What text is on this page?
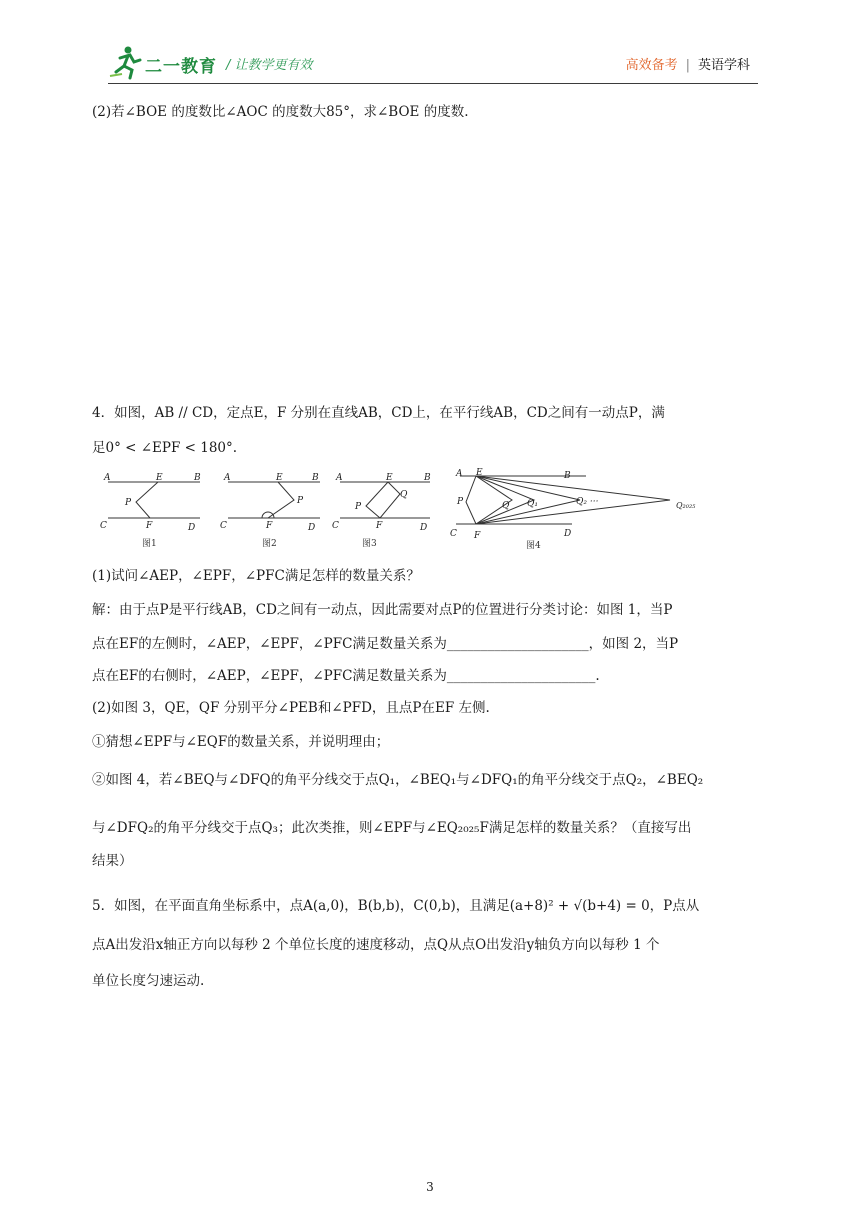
二一教育 / 让教学更有效	高效备考 | 英语学科
(2)若∠BOE 的度数比∠AOC 的度数大85°，求∠BOE 的度数.
4．如图，AB // CD，定点E，F 分别在直线AB，CD上，在平行线AB，CD之间有一动点P，满
足0° < ∠EPF < 180°.
A	E	B
P
C	F	D
图1
A	E	B
P
C	F	D
图2
A	E	B
P
Q
C	F	D
图3
A E	B
P	Q Q₁	Q₂ ···	Q₂₀₂₅
C F	D
图4
(1)试问∠AEP，∠EPF，∠PFC满足怎样的数量关系？
解：由于点P是平行线AB，CD之间有一动点，因此需要对点P的位置进行分类讨论：如图 1，当P
点在EF的左侧时，∠AEP，∠EPF，∠PFC满足数量关系为_____________________，如图 2，当P
点在EF的右侧时，∠AEP，∠EPF，∠PFC满足数量关系为______________________.
(2)如图 3，QE，QF 分别平分∠PEB和∠PFD，且点P在EF 左侧.
①猜想∠EPF与∠EQF的数量关系，并说明理由；
②如图 4，若∠BEQ与∠DFQ的角平分线交于点Q₁，∠BEQ₁与∠DFQ₁的角平分线交于点Q₂，∠BEQ₂
与∠DFQ₂的角平分线交于点Q₃；此次类推，则∠EPF与∠EQ₂₀₂₅F满足怎样的数量关系？（直接写出
结果）
5．如图，在平面直角坐标系中，点A(a,0)，B(b,b)，C(0,b)，且满足(a+8)² + √(b+4) = 0，P点从
点A出发沿x轴正方向以每秒 2 个单位长度的速度移动，点Q从点O出发沿y轴负方向以每秒 1 个
单位长度匀速运动.
3
